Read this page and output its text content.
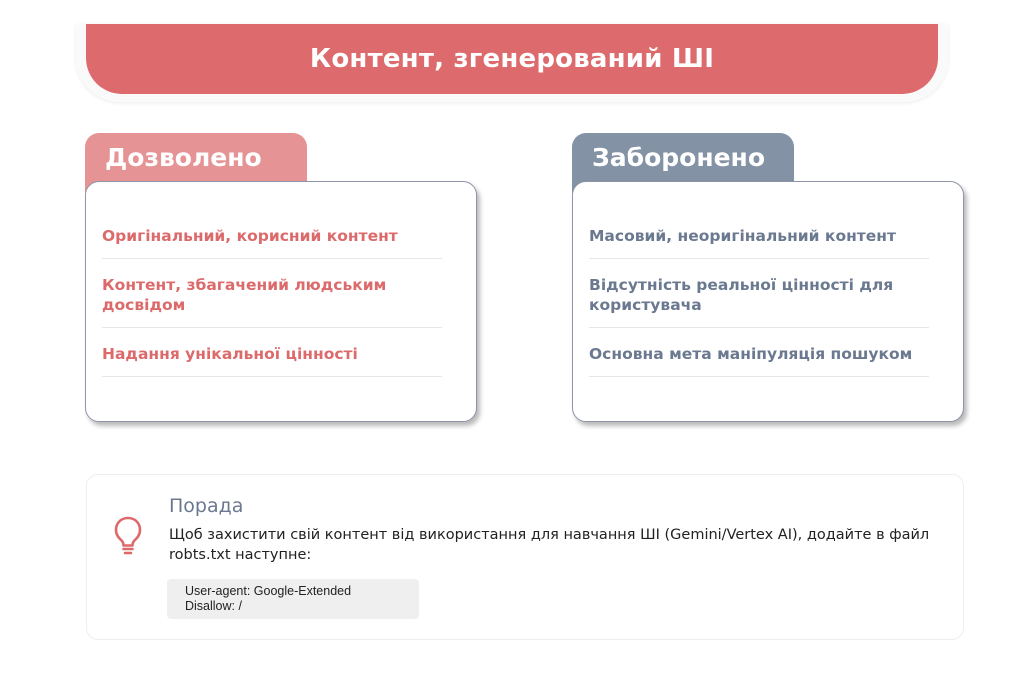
Контент, згенерований ШІ
Дозволено
Оригінальний, корисний контент
Контент, збагачений людським досвідом
Надання унікальної цінності
Заборонено
Масовий, неоригінальний контент
Відсутність реальної цінності для користувача
Основна мета маніпуляція пошуком
Порада
Щоб захистити свій контент від використання для навчання ШІ (Gemini/Vertex AI), додайте в файл robts.txt наступне:
User-agent: Google-Extended
Disallow: /
